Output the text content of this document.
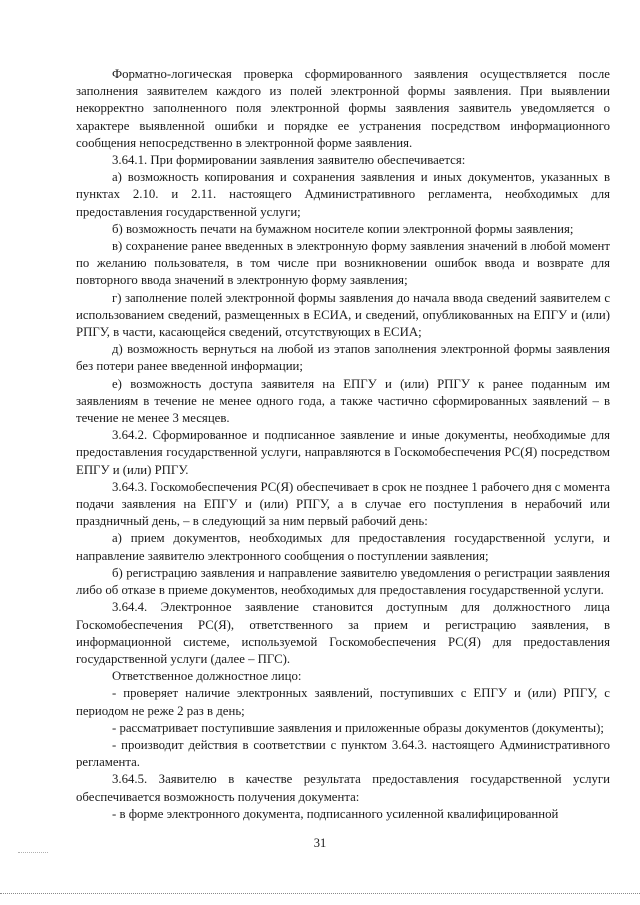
Форматно-логическая проверка сформированного заявления осуществляется после заполнения заявителем каждого из полей электронной формы заявления. При выявлении некорректно заполненного поля электронной формы заявления заявитель уведомляется о характере выявленной ошибки и порядке ее устранения посредством информационного сообщения непосредственно в электронной форме заявления.

3.64.1. При формировании заявления заявителю обеспечивается:

а) возможность копирования и сохранения заявления и иных документов, указанных в пунктах 2.10. и 2.11. настоящего Административного регламента, необходимых для предоставления государственной услуги;

б) возможность печати на бумажном носителе копии электронной формы заявления;

в) сохранение ранее введенных в электронную форму заявления значений в любой момент по желанию пользователя, в том числе при возникновении ошибок ввода и возврате для повторного ввода значений в электронную форму заявления;

г) заполнение полей электронной формы заявления до начала ввода сведений заявителем с использованием сведений, размещенных в ЕСИА, и сведений, опубликованных на ЕПГУ и (или) РПГУ, в части, касающейся сведений, отсутствующих в ЕСИА;

д) возможность вернуться на любой из этапов заполнения электронной формы заявления без потери ранее введенной информации;

е) возможность доступа заявителя на ЕПГУ и (или) РПГУ к ранее поданным им заявлениям в течение не менее одного года, а также частично сформированных заявлений – в течение не менее 3 месяцев.

3.64.2. Сформированное и подписанное заявление и иные документы, необходимые для предоставления государственной услуги, направляются в Госкомобеспечения РС(Я) посредством ЕПГУ и (или) РПГУ.

3.64.3. Госкомобеспечения РС(Я) обеспечивает в срок не позднее 1 рабочего дня с момента подачи заявления на ЕПГУ и (или) РПГУ, а в случае его поступления в нерабочий или праздничный день, – в следующий за ним первый рабочий день:

а) прием документов, необходимых для предоставления государственной услуги, и направление заявителю электронного сообщения о поступлении заявления;

б) регистрацию заявления и направление заявителю уведомления о регистрации заявления либо об отказе в приеме документов, необходимых для предоставления государственной услуги.

3.64.4. Электронное заявление становится доступным для должностного лица Госкомобеспечения РС(Я), ответственного за прием и регистрацию заявления, в информационной системе, используемой Госкомобеспечения РС(Я) для предоставления государственной услуги (далее – ПГС).

Ответственное должностное лицо:

- проверяет наличие электронных заявлений, поступивших с ЕПГУ и (или) РПГУ, с периодом не реже 2 раз в день;

- рассматривает поступившие заявления и приложенные образы документов (документы);

- производит действия в соответствии с пунктом 3.64.3. настоящего Административного регламента.

3.64.5. Заявителю в качестве результата предоставления государственной услуги обеспечивается возможность получения документа:

- в форме электронного документа, подписанного усиленной квалифицированной

31
